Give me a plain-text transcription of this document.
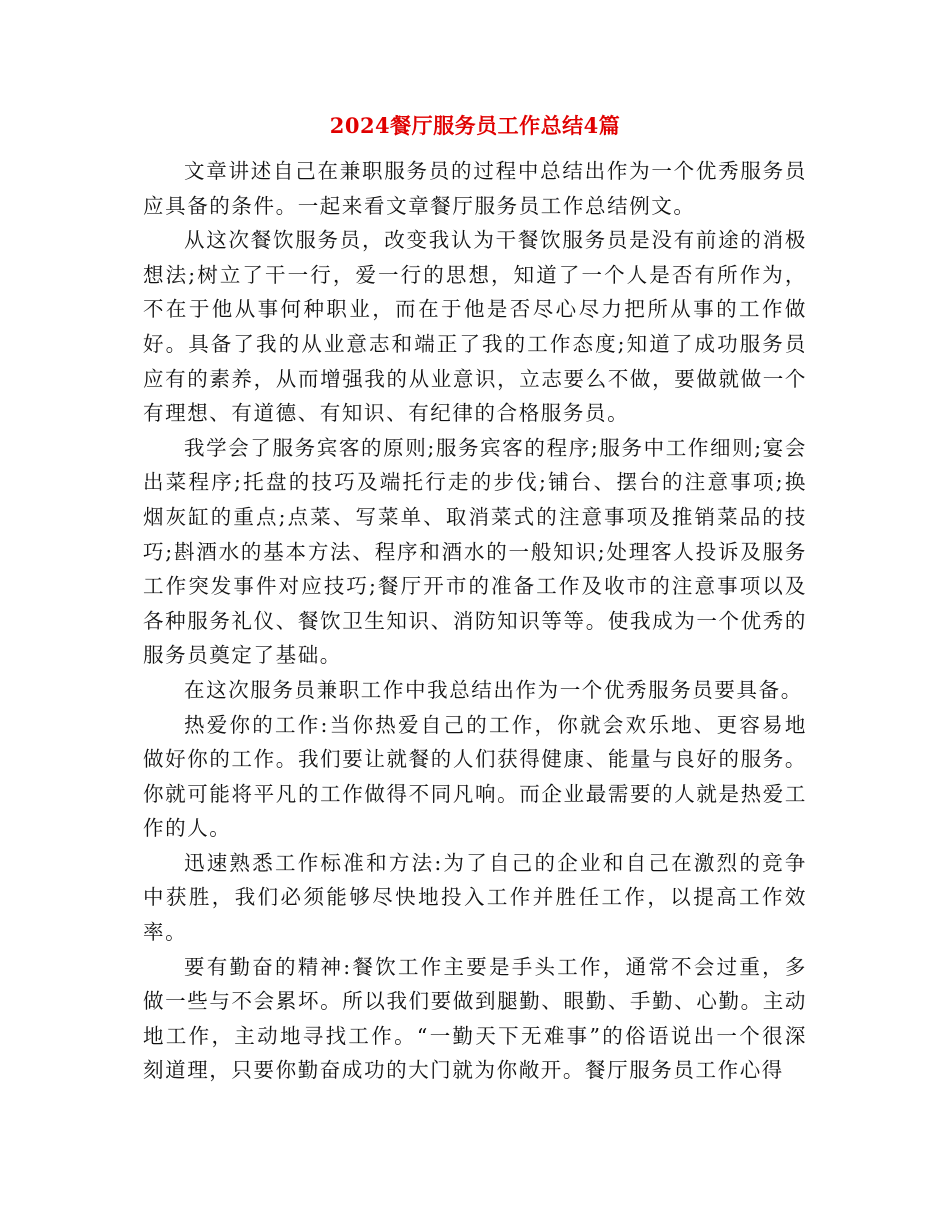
2024餐厅服务员工作总结4篇

文章讲述自己在兼职服务员的过程中总结出作为一个优秀服务员应具备的条件。一起来看文章餐厅服务员工作总结例文。

从这次餐饮服务员，改变我认为干餐饮服务员是没有前途的消极想法;树立了干一行，爱一行的思想，知道了一个人是否有所作为，不在于他从事何种职业，而在于他是否尽心尽力把所从事的工作做好。具备了我的从业意志和端正了我的工作态度;知道了成功服务员应有的素养，从而增强我的从业意识，立志要么不做，要做就做一个有理想、有道德、有知识、有纪律的合格服务员。

我学会了服务宾客的原则;服务宾客的程序;服务中工作细则;宴会出菜程序;托盘的技巧及端托行走的步伐;铺台、摆台的注意事项;换烟灰缸的重点;点菜、写菜单、取消菜式的注意事项及推销菜品的技巧;斟酒水的基本方法、程序和酒水的一般知识;处理客人投诉及服务工作突发事件对应技巧;餐厅开市的准备工作及收市的注意事项以及各种服务礼仪、餐饮卫生知识、消防知识等等。使我成为一个优秀的服务员奠定了基础。

在这次服务员兼职工作中我总结出作为一个优秀服务员要具备。

热爱你的工作:当你热爱自己的工作，你就会欢乐地、更容易地做好你的工作。我们要让就餐的人们获得健康、能量与良好的服务。你就可能将平凡的工作做得不同凡响。而企业最需要的人就是热爱工作的人。

迅速熟悉工作标准和方法:为了自己的企业和自己在激烈的竞争中获胜，我们必须能够尽快地投入工作并胜任工作，以提高工作效率。

要有勤奋的精神:餐饮工作主要是手头工作，通常不会过重，多做一些与不会累坏。所以我们要做到腿勤、眼勤、手勤、心勤。主动地工作，主动地寻找工作。“一勤天下无难事”的俗语说出一个很深刻道理，只要你勤奋成功的大门就为你敞开。餐厅服务员工作心得
